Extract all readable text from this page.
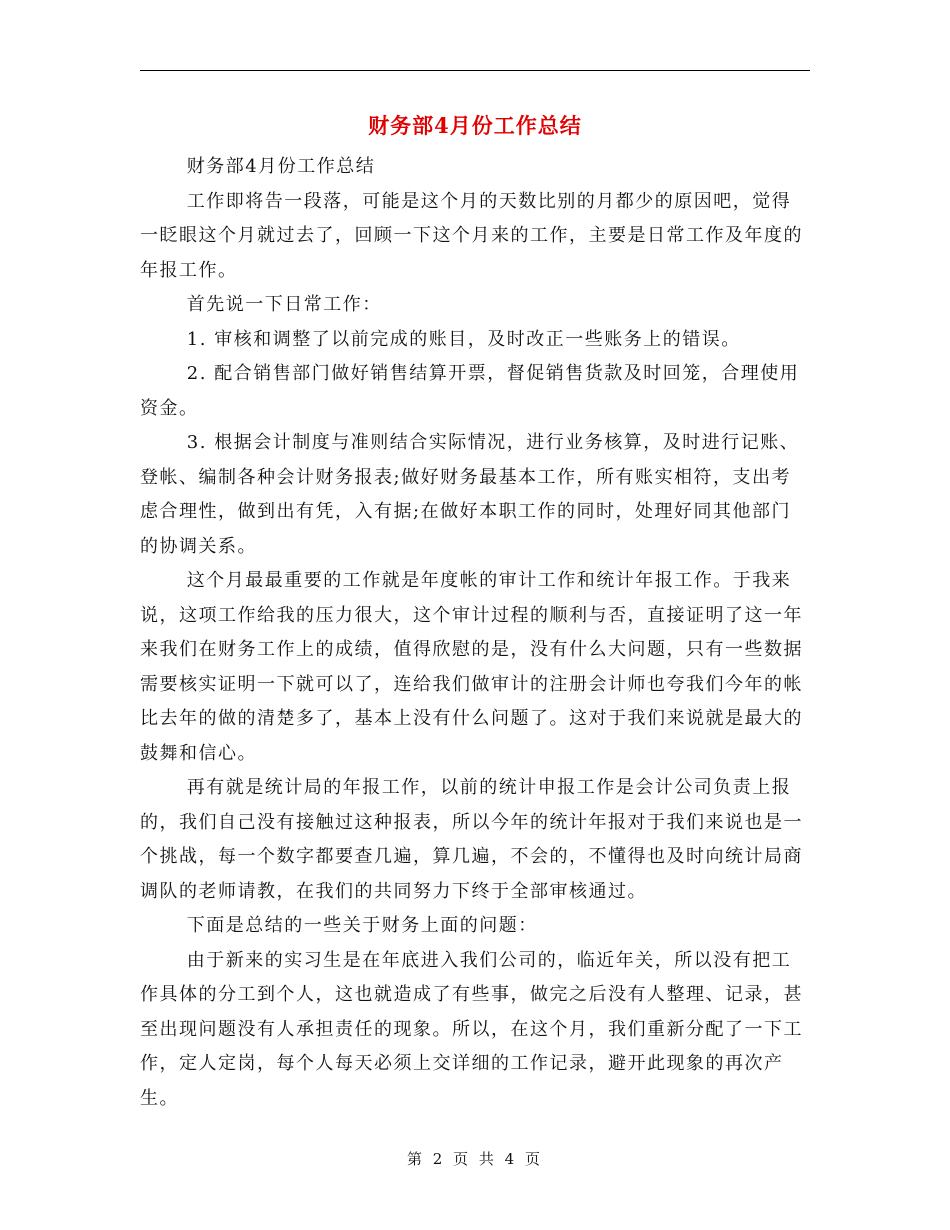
财务部4月份工作总结

财务部4月份工作总结

工作即将告一段落，可能是这个月的天数比别的月都少的原因吧，觉得一眨眼这个月就过去了，回顾一下这个月来的工作，主要是日常工作及年度的年报工作。

首先说一下日常工作：

1. 审核和调整了以前完成的账目，及时改正一些账务上的错误。

2. 配合销售部门做好销售结算开票，督促销售货款及时回笼，合理使用资金。

3. 根据会计制度与准则结合实际情况，进行业务核算，及时进行记账、登帐、编制各种会计财务报表;做好财务最基本工作，所有账实相符，支出考虑合理性，做到出有凭，入有据;在做好本职工作的同时，处理好同其他部门的协调关系。

这个月最最重要的工作就是年度帐的审计工作和统计年报工作。于我来说，这项工作给我的压力很大，这个审计过程的顺利与否，直接证明了这一年来我们在财务工作上的成绩，值得欣慰的是，没有什么大问题，只有一些数据需要核实证明一下就可以了，连给我们做审计的注册会计师也夸我们今年的帐比去年的做的清楚多了，基本上没有什么问题了。这对于我们来说就是最大的鼓舞和信心。

再有就是统计局的年报工作，以前的统计申报工作是会计公司负责上报的，我们自己没有接触过这种报表，所以今年的统计年报对于我们来说也是一个挑战，每一个数字都要查几遍，算几遍，不会的，不懂得也及时向统计局商调队的老师请教，在我们的共同努力下终于全部审核通过。

下面是总结的一些关于财务上面的问题：

由于新来的实习生是在年底进入我们公司的，临近年关，所以没有把工作具体的分工到个人，这也就造成了有些事，做完之后没有人整理、记录，甚至出现问题没有人承担责任的现象。所以，在这个月，我们重新分配了一下工作，定人定岗，每个人每天必须上交详细的工作记录，避开此现象的再次产生。

第 2 页 共 4 页
